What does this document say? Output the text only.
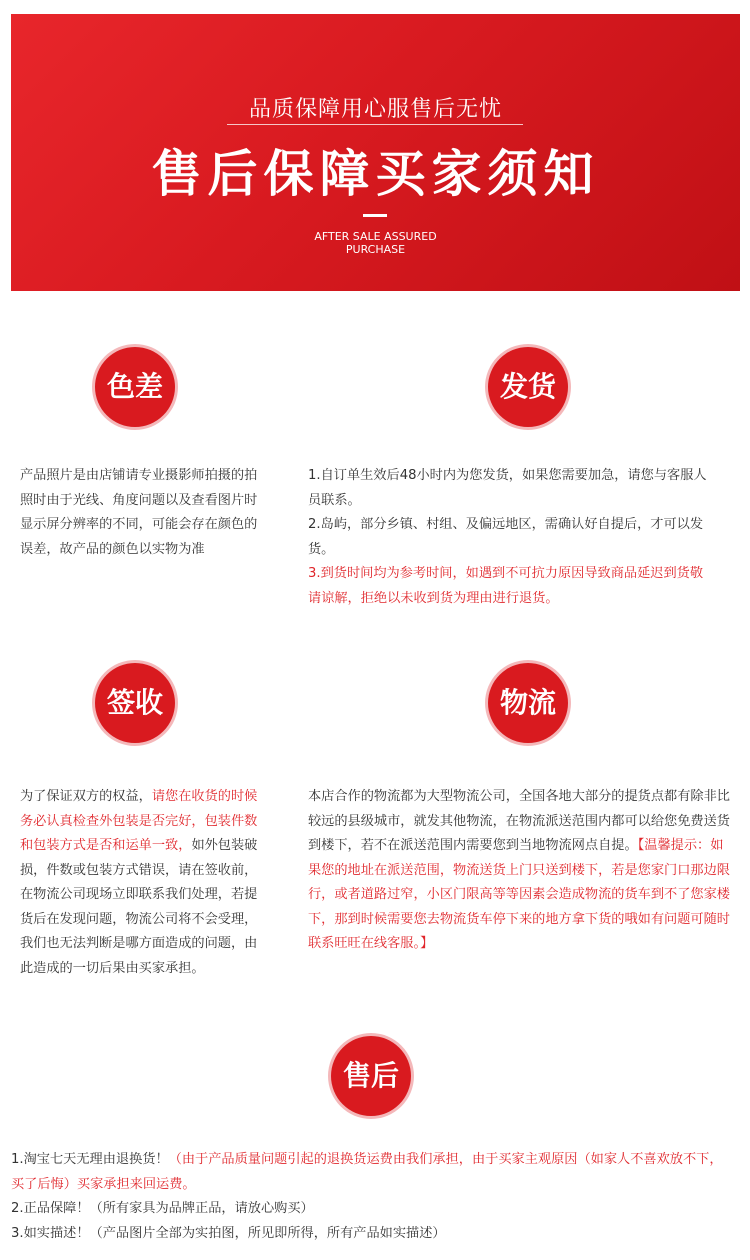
品质保障用心服售后无忧
售后保障买家须知
AFTER SALE ASSURED
PURCHASE
色差
产品照片是由店铺请专业摄影师拍摄的拍照时由于光线、角度问题以及查看图片时显示屏分辨率的不同，可能会存在颜色的误差，故产品的颜色以实物为准
发货
1.自订单生效后48小时内为您发货，如果您需要加急，请您与客服人员联系。
2.岛屿，部分乡镇、村组、及偏远地区，需确认好自提后，才可以发货。
3.到货时间均为参考时间，如遇到不可抗力原因导致商品延迟到货敬请谅解，拒绝以未收到货为理由进行退货。
签收
为了保证双方的权益，请您在收货的时候务必认真检查外包装是否完好，包装件数和包装方式是否和运单一致，如外包装破损，件数或包装方式错误，请在签收前，在物流公司现场立即联系我们处理，若提货后在发现问题，物流公司将不会受理，我们也无法判断是哪方面造成的问题，由此造成的一切后果由买家承担。
物流
本店合作的物流都为大型物流公司，全国各地大部分的提货点都有除非比较远的县级城市，就发其他物流，在物流派送范围内都可以给您免费送货到楼下，若不在派送范围内需要您到当地物流网点自提。【温馨提示：如果您的地址在派送范围，物流送货上门只送到楼下，若是您家门口那边限行，或者道路过窄，小区门限高等等因素会造成物流的货车到不了您家楼下，那到时候需要您去物流货车停下来的地方拿下货的哦如有问题可随时联系旺旺在线客服。】
售后
1.淘宝七天无理由退换货！（由于产品质量问题引起的退换货运费由我们承担，由于买家主观原因（如家人不喜欢放不下，买了后悔）买家承担来回运费。
2.正品保障！（所有家具为品牌正品，请放心购买）
3.如实描述！（产品图片全部为实拍图，所见即所得，所有产品如实描述）
